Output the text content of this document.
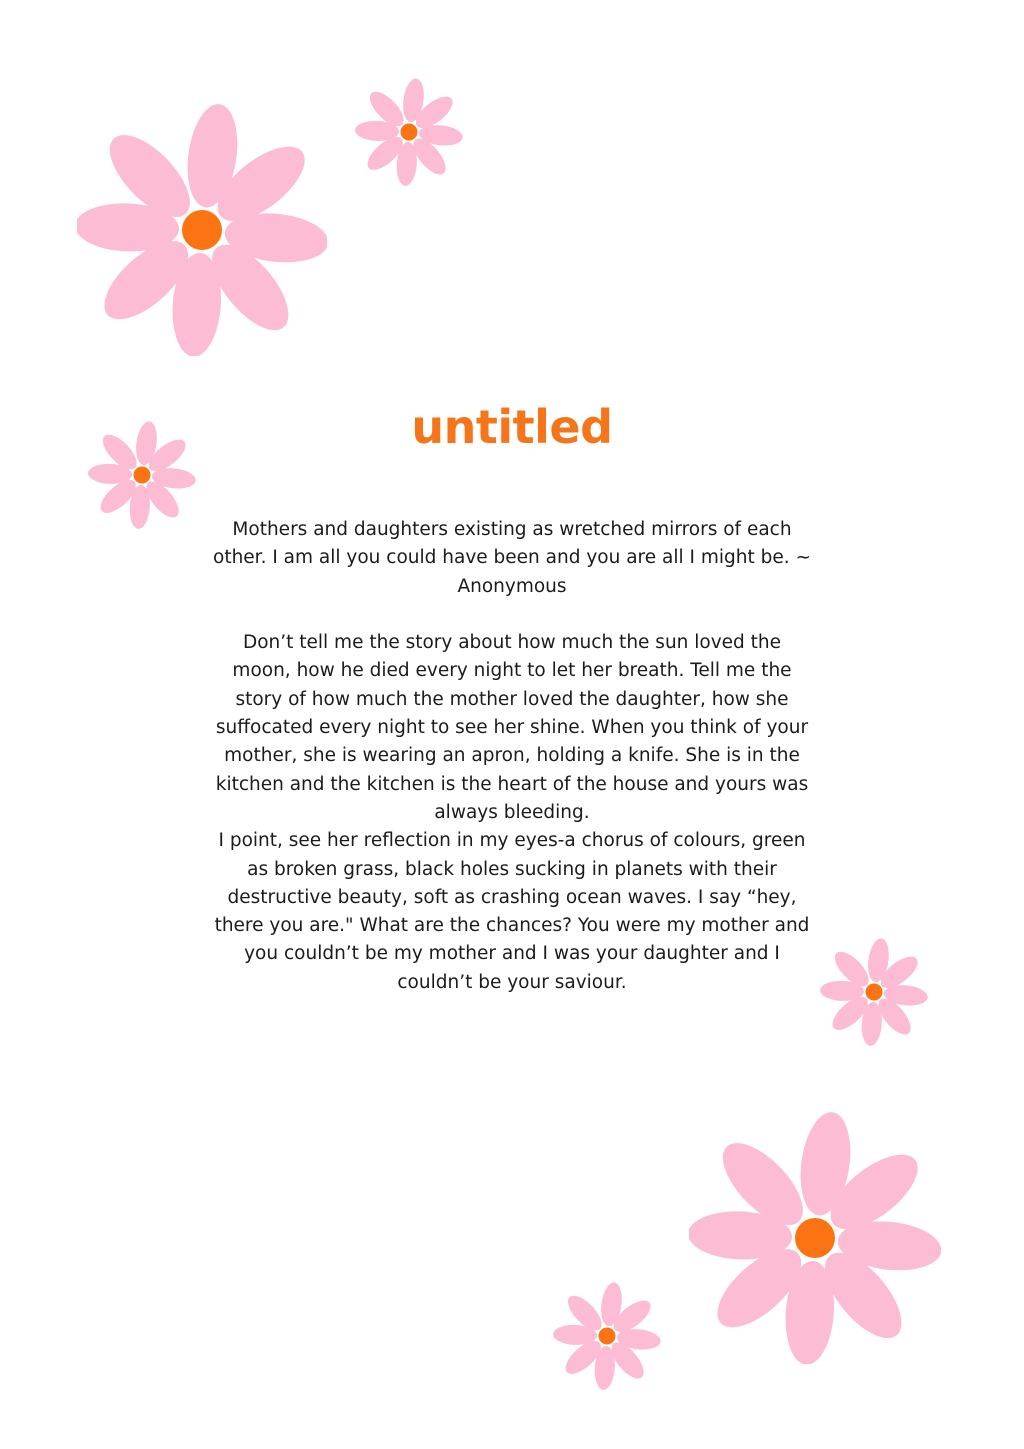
untitled

Mothers and daughters existing as wretched mirrors of each other. I am all you could have been and you are all I might be. ~ Anonymous

Don’t tell me the story about how much the sun loved the moon, how he died every night to let her breath. Tell me the story of how much the mother loved the daughter, how she suffocated every night to see her shine. When you think of your mother, she is wearing an apron, holding a knife. She is in the kitchen and the kitchen is the heart of the house and yours was always bleeding.

I point, see her reflection in my eyes-a chorus of colours, green as broken grass, black holes sucking in planets with their destructive beauty, soft as crashing ocean waves. I say “hey, there you are." What are the chances? You were my mother and you couldn’t be my mother and I was your daughter and I couldn’t be your saviour.
